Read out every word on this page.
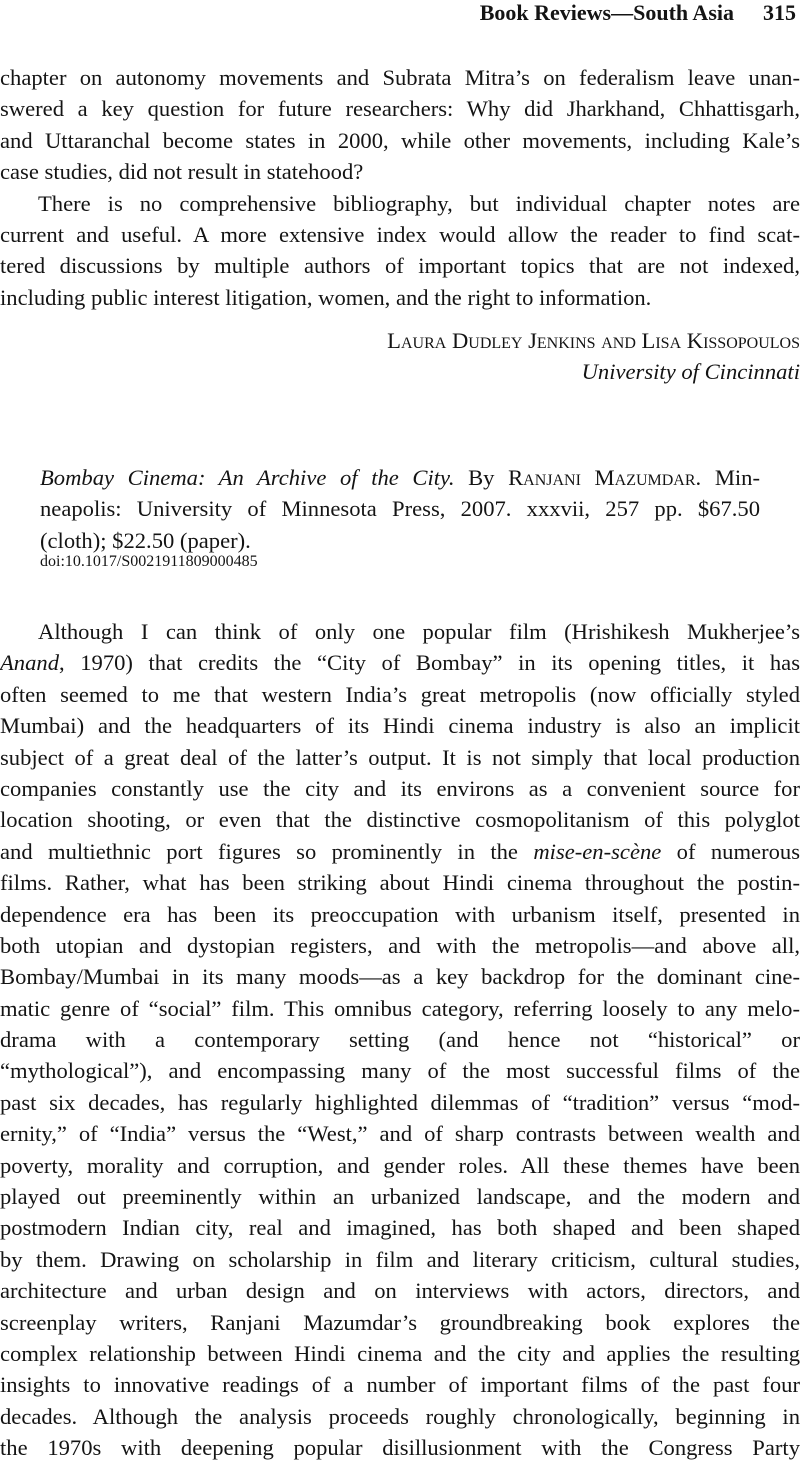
Book Reviews—South Asia 315
chapter on autonomy movements and Subrata Mitra’s on federalism leave unan-
swered a key question for future researchers: Why did Jharkhand, Chhattisgarh,
and Uttaranchal become states in 2000, while other movements, including Kale’s
case studies, did not result in statehood?
There is no comprehensive bibliography, but individual chapter notes are
current and useful. A more extensive index would allow the reader to find scat-
tered discussions by multiple authors of important topics that are not indexed,
including public interest litigation, women, and the right to information.
Laura Dudley Jenkins and Lisa Kissopoulos
University of Cincinnati
Bombay Cinema: An Archive of the City. By Ranjani Mazumdar. Min-
neapolis: University of Minnesota Press, 2007. xxxvii, 257 pp. $67.50
(cloth); $22.50 (paper).
doi:10.1017/S0021911809000485
Although I can think of only one popular film (Hrishikesh Mukherjee’s
Anand, 1970) that credits the “City of Bombay” in its opening titles, it has
often seemed to me that western India’s great metropolis (now officially styled
Mumbai) and the headquarters of its Hindi cinema industry is also an implicit
subject of a great deal of the latter’s output. It is not simply that local production
companies constantly use the city and its environs as a convenient source for
location shooting, or even that the distinctive cosmopolitanism of this polyglot
and multiethnic port figures so prominently in the mise-en-scène of numerous
films. Rather, what has been striking about Hindi cinema throughout the postin-
dependence era has been its preoccupation with urbanism itself, presented in
both utopian and dystopian registers, and with the metropolis—and above all,
Bombay/Mumbai in its many moods—as a key backdrop for the dominant cine-
matic genre of “social” film. This omnibus category, referring loosely to any melo-
drama with a contemporary setting (and hence not “historical” or
“mythological”), and encompassing many of the most successful films of the
past six decades, has regularly highlighted dilemmas of “tradition” versus “mod-
ernity,” of “India” versus the “West,” and of sharp contrasts between wealth and
poverty, morality and corruption, and gender roles. All these themes have been
played out preeminently within an urbanized landscape, and the modern and
postmodern Indian city, real and imagined, has both shaped and been shaped
by them. Drawing on scholarship in film and literary criticism, cultural studies,
architecture and urban design and on interviews with actors, directors, and
screenplay writers, Ranjani Mazumdar’s groundbreaking book explores the
complex relationship between Hindi cinema and the city and applies the resulting
insights to innovative readings of a number of important films of the past four
decades. Although the analysis proceeds roughly chronologically, beginning in
the 1970s with deepening popular disillusionment with the Congress Party
